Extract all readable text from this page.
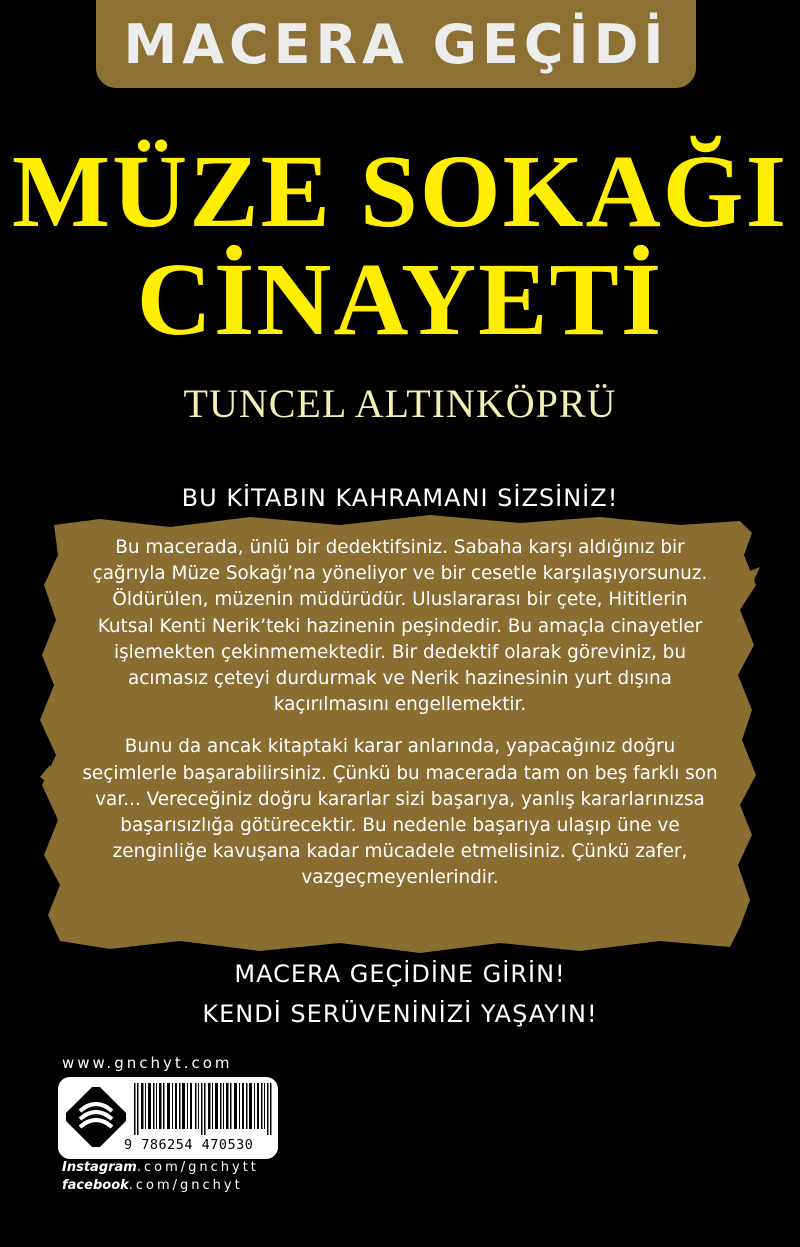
MACERA GEÇİDİ
MÜZE SOKAĞI
CİNAYETİ
TUNCEL ALTINKÖPRÜ
BU KİTABIN KAHRAMANI SİZSİNİZ!

Bu macerada, ünlü bir dedektifsiniz. Sabaha karşı aldığınız bir çağrıyla Müze Sokağı’na yöneliyor ve bir cesetle karşılaşıyorsunuz. Öldürülen, müzenin müdürüdür. Uluslararası bir çete, Hititlerin Kutsal Kenti Nerik’teki hazinenin peşindedir. Bu amaçla cinayetler işlemekten çekinmemektedir. Bir dedektif olarak göreviniz, bu acımasız çeteyi durdurmak ve Nerik hazinesinin yurt dışına kaçırılmasını engellemektir.

Bunu da ancak kitaptaki karar anlarında, yapacağınız doğru seçimlerle başarabilirsiniz. Çünkü bu macerada tam on beş farklı son var... Vereceğiniz doğru kararlar sizi başarıya, yanlış kararlarınızsa başarısızlığa götürecektir. Bu nedenle başarıya ulaşıp üne ve zenginliğe kavuşana kadar mücadele etmelisiniz. Çünkü zafer, vazgeçmeyenlerindir.

MACERA GEÇİDİNE GİRİN!
KENDİ SERÜVENİNİZİ YAŞAYIN!
www.gnchyt.com
9 786254 470530
Instagram.com/gnchytt
facebook.com/gnchyt
